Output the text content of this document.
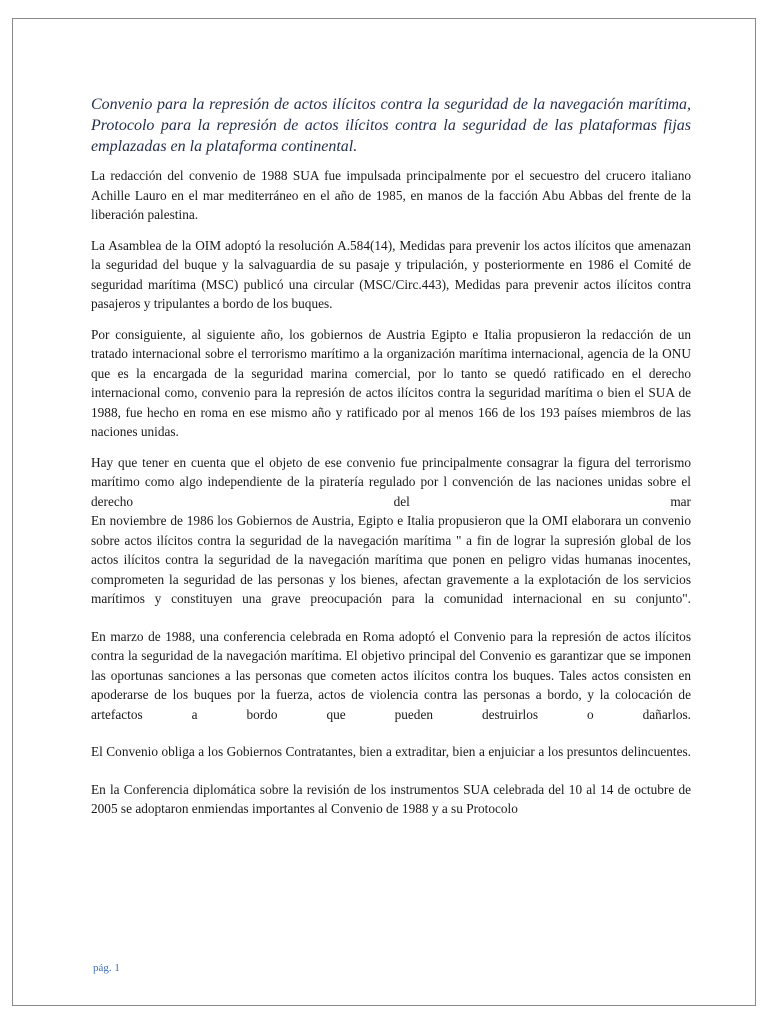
Convenio para la represión de actos ilícitos contra la seguridad de la navegación marítima, Protocolo para la represión de actos ilícitos contra la seguridad de las plataformas fijas emplazadas en la plataforma continental.

La redacción del convenio de 1988 SUA fue impulsada principalmente por el secuestro del crucero italiano Achille Lauro en el mar mediterráneo en el año de 1985, en manos de la facción Abu Abbas del frente de la liberación palestina.

La Asamblea de la OIM adoptó la resolución A.584(14), Medidas para prevenir los actos ilícitos que amenazan la seguridad del buque y la salvaguardia de su pasaje y tripulación, y posteriormente en 1986 el Comité de seguridad marítima (MSC) publicó una circular (MSC/Circ.443), Medidas para prevenir actos ilícitos contra pasajeros y tripulantes a bordo de los buques.

Por consiguiente, al siguiente año, los gobiernos de Austria Egipto e Italia propusieron la redacción de un tratado internacional sobre el terrorismo marítimo a la organización marítima internacional, agencia de la ONU que es la encargada de la seguridad marina comercial, por lo tanto se quedó ratificado en el derecho internacional como, convenio para la represión de actos ilícitos contra la seguridad marítima o bien el SUA de 1988, fue hecho en roma en ese mismo año y ratificado por al menos 166 de los 193 países miembros de las naciones unidas.

Hay que tener en cuenta que el objeto de ese convenio fue principalmente consagrar la figura del terrorismo marítimo como algo independiente de la piratería regulado por l convención de las naciones unidas sobre el derecho del mar

En noviembre de 1986 los Gobiernos de Austria, Egipto e Italia propusieron que la OMI elaborara un convenio sobre actos ilícitos contra la seguridad de la navegación marítima " a fin de lograr la supresión global de los actos ilícitos contra la seguridad de la navegación marítima que ponen en peligro vidas humanas inocentes, comprometen la seguridad de las personas y los bienes, afectan gravemente a la explotación de los servicios marítimos y constituyen una grave preocupación para la comunidad internacional en su conjunto".

En marzo de 1988, una conferencia celebrada en Roma adoptó el Convenio para la represión de actos ilícitos contra la seguridad de la navegación marítima. El objetivo principal del Convenio es garantizar que se imponen las oportunas sanciones a las personas que cometen actos ilícitos contra los buques. Tales actos consisten en apoderarse de los buques por la fuerza, actos de violencia contra las personas a bordo, y la colocación de artefactos a bordo que pueden destruirlos o dañarlos.

El Convenio obliga a los Gobiernos Contratantes, bien a extraditar, bien a enjuiciar a los presuntos delincuentes.

En la Conferencia diplomática sobre la revisión de los instrumentos SUA celebrada del 10 al 14 de octubre de 2005 se adoptaron enmiendas importantes al Convenio de 1988 y a su Protocolo

pág. 1
